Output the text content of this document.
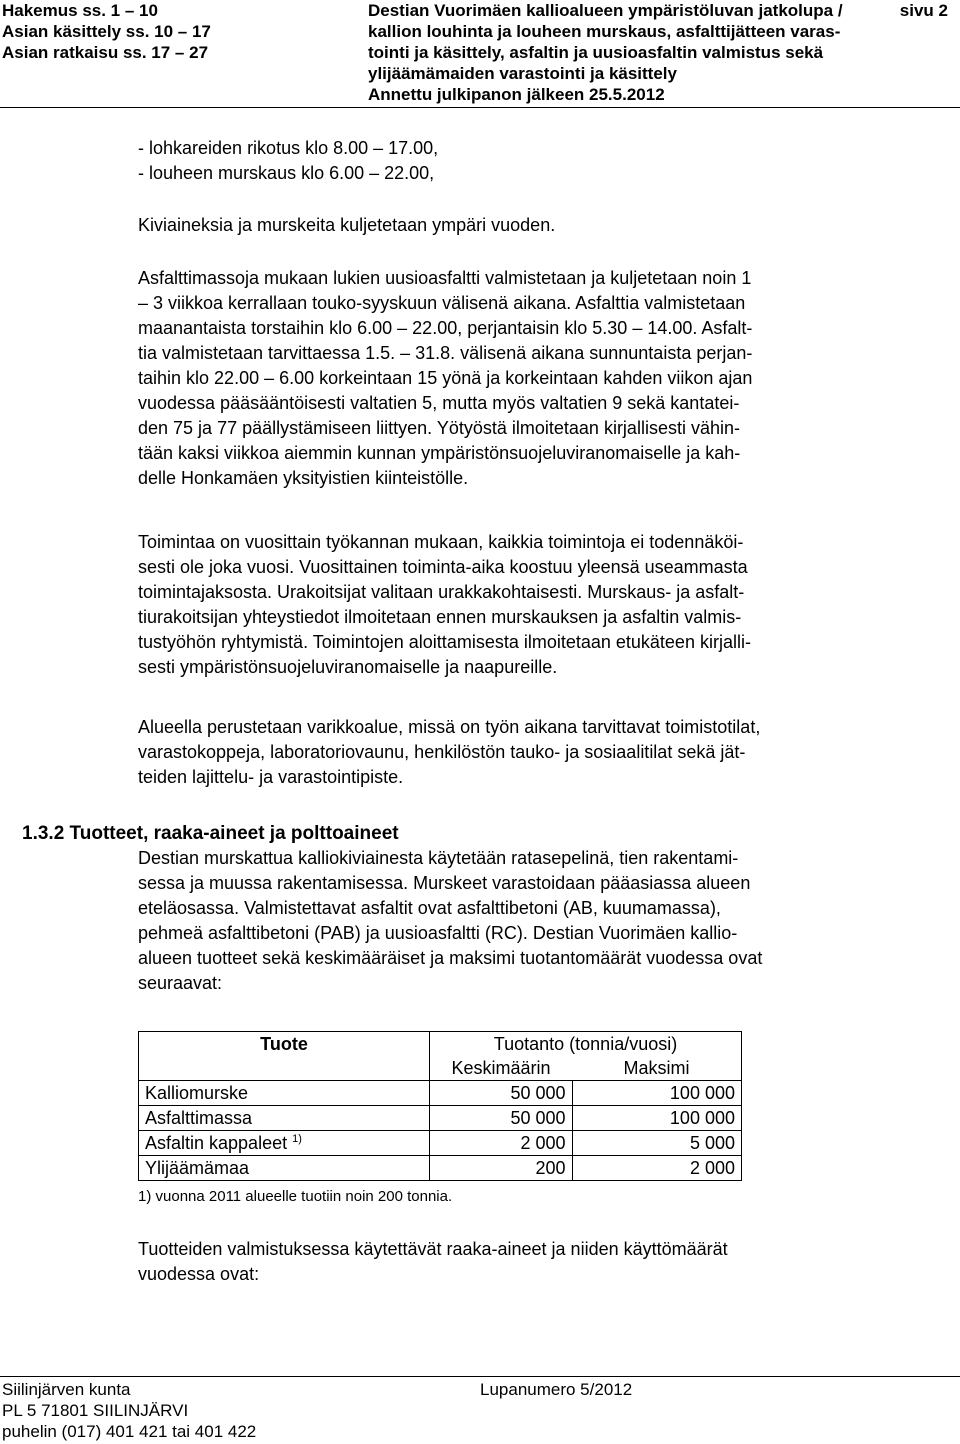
Hakemus ss. 1 – 10
Asian käsittely ss. 10 – 17
Asian ratkaisu ss. 17 – 27
Destian Vuorimäen kallioalueen ympäristöluvan jatkolupa /
kallion louhinta ja louheen murskaus, asfalttijätteen varas-
tointi ja käsittely, asfaltin ja uusioasfaltin valmistus sekä
ylijäämämaiden varastointi ja käsittely
Annettu julkipanon jälkeen 25.5.2012
sivu 2
- lohkareiden rikotus klo 8.00 – 17.00,
- louheen murskaus klo 6.00 – 22.00,
Kiviaineksia ja murskeita kuljetetaan ympäri vuoden.
Asfalttimassoja mukaan lukien uusioasfaltti valmistetaan ja kuljetetaan noin 1
– 3 viikkoa kerrallaan touko-syyskuun välisenä aikana. Asfalttia valmistetaan
maanantaista torstaihin klo 6.00 – 22.00, perjantaisin klo 5.30 – 14.00. Asfalt-
tia valmistetaan tarvittaessa 1.5. – 31.8. välisenä aikana sunnuntaista perjan-
taihin klo 22.00 – 6.00 korkeintaan 15 yönä ja korkeintaan kahden viikon ajan
vuodessa pääsääntöisesti valtatien 5, mutta myös valtatien 9 sekä kantatei-
den 75 ja 77 päällystämiseen liittyen. Yötyöstä ilmoitetaan kirjallisesti vähin-
tään kaksi viikkoa aiemmin kunnan ympäristönsuojeluviranomaiselle ja kah-
delle Honkamäen yksityistien kiinteistölle.
Toimintaa on vuosittain työkannan mukaan, kaikkia toimintoja ei todennäköi-
sesti ole joka vuosi. Vuosittainen toiminta-aika koostuu yleensä useammasta
toimintajaksosta. Urakoitsijat valitaan urakkakohtaisesti. Murskaus- ja asfalt-
tiurakoitsijan yhteystiedot ilmoitetaan ennen murskauksen ja asfaltin valmis-
tustyöhön ryhtymistä. Toimintojen aloittamisesta ilmoitetaan etukäteen kirjalli-
sesti ympäristönsuojeluviranomaiselle ja naapureille.
Alueella perustetaan varikkoalue, missä on työn aikana tarvittavat toimistotilat,
varastokoppeja, laboratoriovaunu, henkilöstön tauko- ja sosiaalitilat sekä jät-
teiden lajittelu- ja varastointipiste.
1.3.2 Tuotteet, raaka-aineet ja polttoaineet
Destian murskattua kalliokiviainesta käytetään ratasepelinä, tien rakentami-
sessa ja muussa rakentamisessa. Murskeet varastoidaan pääasiassa alueen
eteläosassa. Valmistettavat asfaltit ovat asfalttibetoni (AB, kuumamassa),
pehmeä asfalttibetoni (PAB) ja uusioasfaltti (RC). Destian Vuorimäen kallio-
alueen tuotteet sekä keskimääräiset ja maksimi tuotantomäärät vuodessa ovat
seuraavat:
Tuote	Tuotanto (tonnia/vuosi)	
	Keskimäärin	Maksimi
Kalliomurske	50 000	100 000
Asfalttimassa	50 000	100 000
Asfaltin kappaleet $^{1)}$	2 000	5 000
Ylijäämämaa	200	2 000
1) vuonna 2011 alueelle tuotiin noin 200 tonnia.
Tuotteiden valmistuksessa käytettävät raaka-aineet ja niiden käyttömäärät
vuodessa ovat:
Siilinjärven kunta
PL 5 71801 SIILINJÄRVI
puhelin (017) 401 421 tai 401 422
Lupanumero 5/2012
